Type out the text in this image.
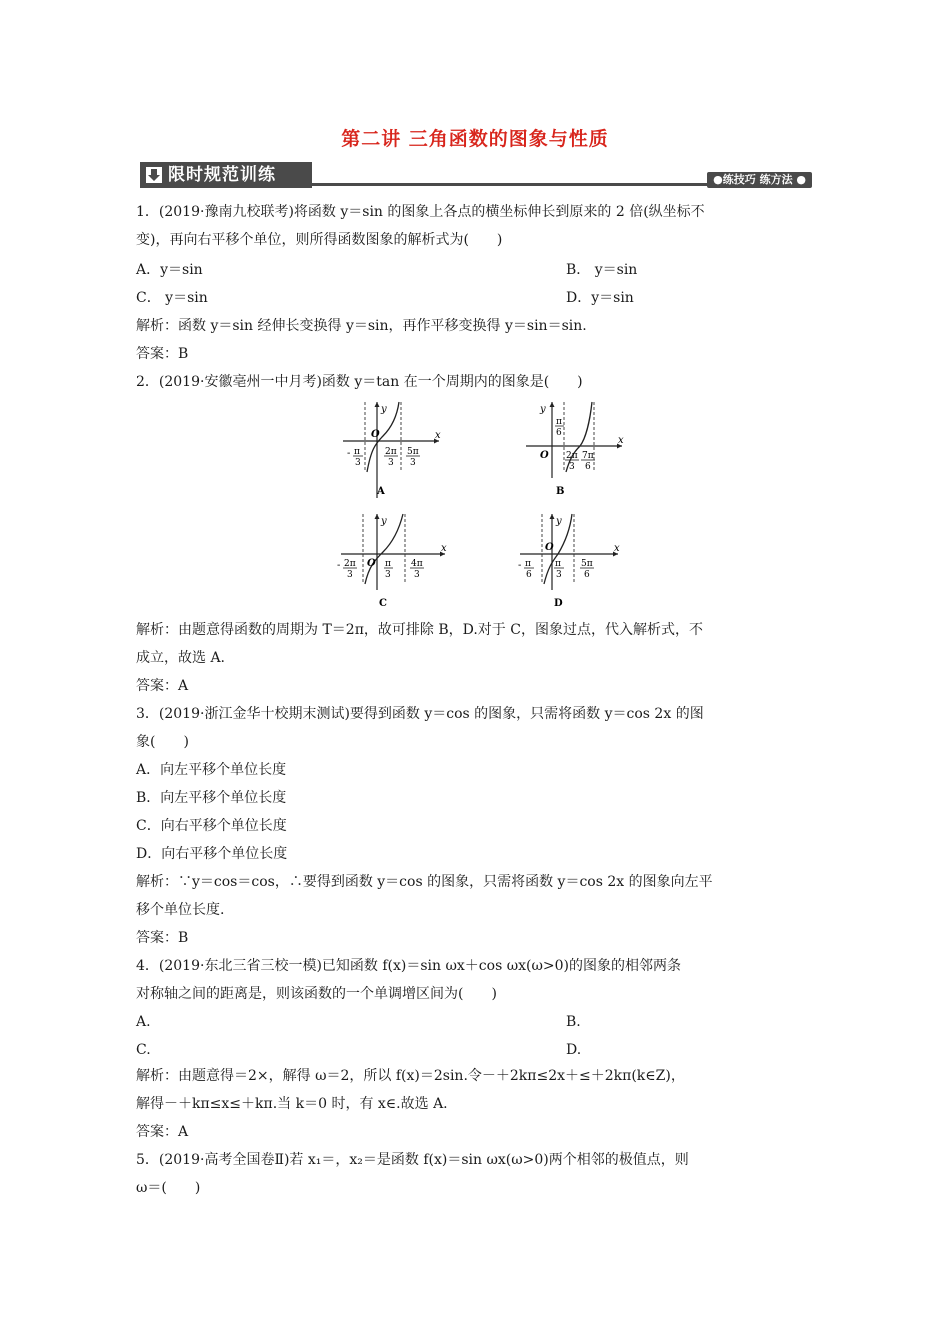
第二讲 三角函数的图象与性质
限时规范训练	●练技巧 练方法 ●
1．(2019·豫南九校联考)将函数 y＝sin 的图象上各点的横坐标伸长到原来的 2 倍(纵坐标不
变)，再向右平移个单位，则所得函数图象的解析式为(　　)
A．y＝sin	B． y＝sin
C． y＝sin	D．y＝sin
解析：函数 y＝sin 经伸长变换得 y＝sin，再作平移变换得 y＝sin＝sin.
答案：B
2．(2019·安徽亳州一中月考)函数 y＝tan 在一个周期内的图象是(　　)
y
x
O
- π
3
2π
3
5π
3
A
y
x
O
π
6
2π
3
7π
6
B
y
x
O
- 2π
3
π
3
4π
3
C
y
x
O
- π
6
π
3
5π
6
D
解析：由题意得函数的周期为 T＝2π，故可排除 B，D.对于 C，图象过点，代入解析式，不
成立，故选 A.
答案：A
3．(2019·浙江金华十校期末测试)要得到函数 y＝cos 的图象，只需将函数 y＝cos 2x 的图
象(　　)
A．向左平移个单位长度
B．向左平移个单位长度
C．向右平移个单位长度
D．向右平移个单位长度
解析：∵y＝cos＝cos，∴要得到函数 y＝cos 的图象，只需将函数 y＝cos 2x 的图象向左平
移个单位长度.
答案：B
4．(2019·东北三省三校一模)已知函数 f(x)＝sin ωx＋cos ωx(ω>0)的图象的相邻两条
对称轴之间的距离是，则该函数的一个单调增区间为(　　)
A.	B.
C.	D.
解析：由题意得＝2×，解得 ω＝2，所以 f(x)＝2sin.令－＋2kπ≤2x＋≤＋2kπ(k∈Z)，
解得－＋kπ≤x≤＋kπ.当 k＝0 时，有 x∈.故选 A.
答案：A
5．(2019·高考全国卷Ⅱ)若 x₁＝，x₂＝是函数 f(x)＝sin ωx(ω>0)两个相邻的极值点，则
ω＝(　　)
